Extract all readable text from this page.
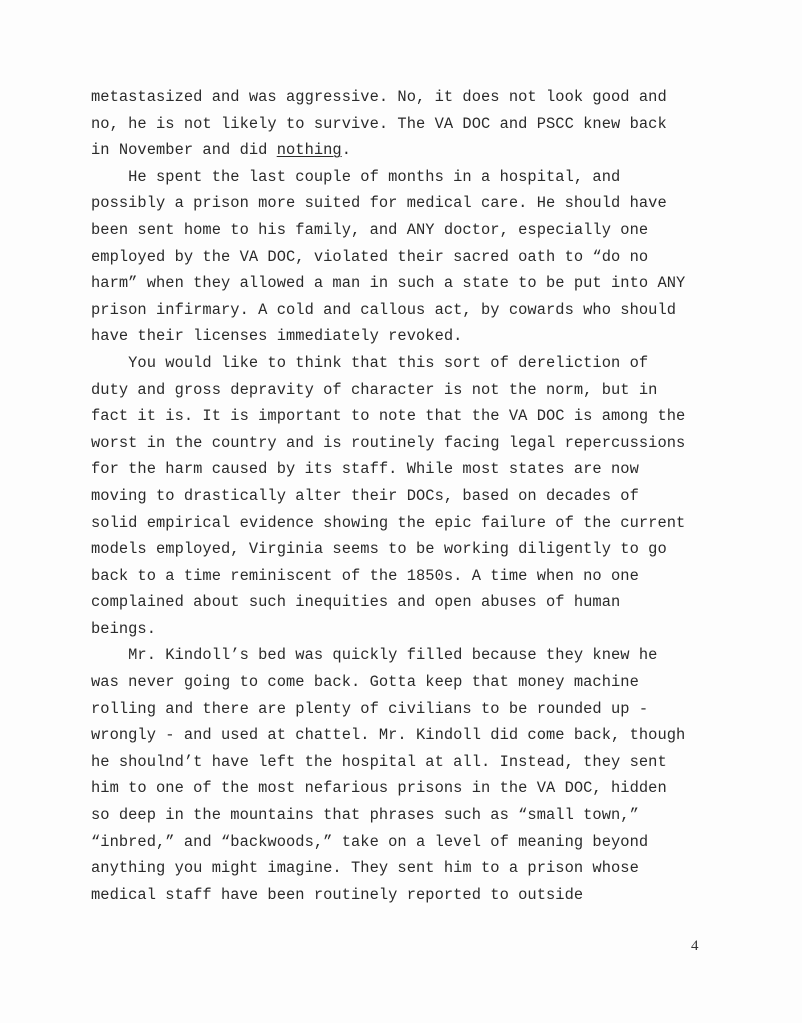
metastasized and was aggressive. No, it does not look good and
no, he is not likely to survive. The VA DOC and PSCC knew back
in November and did nothing.
He spent the last couple of months in a hospital, and
possibly a prison more suited for medical care. He should have
been sent home to his family, and ANY doctor, especially one
employed by the VA DOC, violated their sacred oath to “do no
harm” when they allowed a man in such a state to be put into ANY
prison infirmary. A cold and callous act, by cowards who should
have their licenses immediately revoked.
You would like to think that this sort of dereliction of
duty and gross depravity of character is not the norm, but in
fact it is. It is important to note that the VA DOC is among the
worst in the country and is routinely facing legal repercussions
for the harm caused by its staff. While most states are now
moving to drastically alter their DOCs, based on decades of
solid empirical evidence showing the epic failure of the current
models employed, Virginia seems to be working diligently to go
back to a time reminiscent of the 1850s. A time when no one
complained about such inequities and open abuses of human
beings.
Mr. Kindoll’s bed was quickly filled because they knew he
was never going to come back. Gotta keep that money machine
rolling and there are plenty of civilians to be rounded up -
wrongly - and used at chattel. Mr. Kindoll did come back, though
he shoulnd’t have left the hospital at all. Instead, they sent
him to one of the most nefarious prisons in the VA DOC, hidden
so deep in the mountains that phrases such as “small town,”
“inbred,” and “backwoods,” take on a level of meaning beyond
anything you might imagine. They sent him to a prison whose
medical staff have been routinely reported to outside
4
